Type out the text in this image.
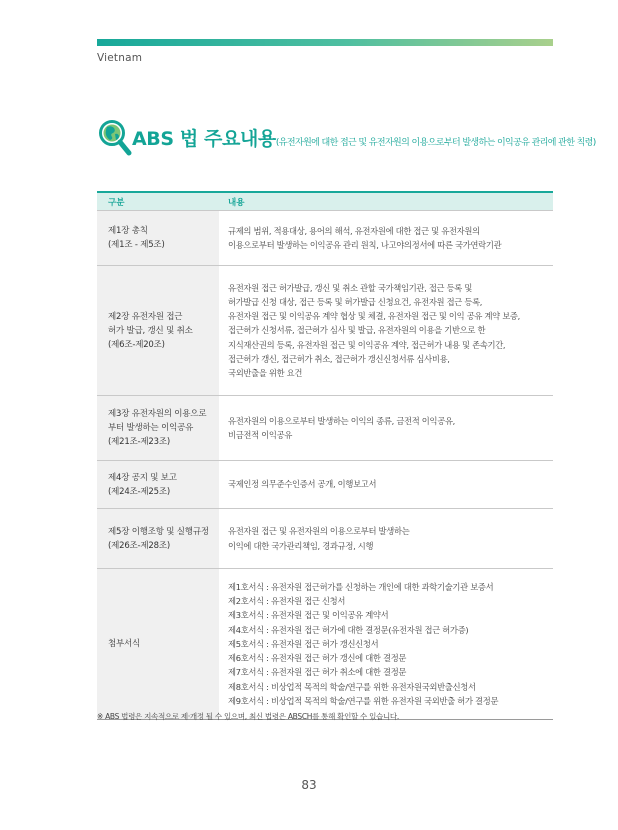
Vietnam
ABS 법 주요내용(유전자원에 대한 접근 및 유전자원의 이용으로부터 발생하는 이익공유 관리에 관한 칙령)
구분	내용
제1장 총칙
(제1조 - 제5조)
규제의 범위, 적용대상, 용어의 해석, 유전자원에 대한 접근 및 유전자원의
이용으로부터 발생하는 이익공유 관리 원칙, 나고야의정서에 따른 국가연락기관
제2장 유전자원 접근
허가 발급, 갱신 및 취소
(제6조-제20조)
유전자원 접근 허가발급, 갱신 및 취소 관할 국가책임기관, 접근 등록 및
허가발급 신청 대상, 접근 등록 및 허가발급 신청요건, 유전자원 접근 등록,
유전자원 접근 및 이익공유 계약 협상 및 체결, 유전자원 접근 및 이익 공유 계약 보증,
접근허가 신청서류, 접근허가 심사 및 발급, 유전자원의 이용을 기반으로 한
지식재산권의 등록, 유전자원 접근 및 이익공유 계약, 접근허가 내용 및 존속기간,
접근허가 갱신, 접근허가 취소, 접근허가 갱신신청서류 심사비용,
국외반출을 위한 요건
제3장 유전자원의 이용으로
부터 발생하는 이익공유
(제21조-제23조)
유전자원의 이용으로부터 발생하는 이익의 종류, 금전적 이익공유,
비금전적 이익공유
제4장 공지 및 보고
(제24조-제25조)
국제인정 의무준수인증서 공개, 이행보고서
제5장 이행조항 및 실행규정
(제26조-제28조)
유전자원 접근 및 유전자원의 이용으로부터 발생하는
이익에 대한 국가관리책임, 경과규정, 시행
첨부서식
제1호서식 : 유전자원 접근허가를 신청하는 개인에 대한 과학기술기관 보증서
제2호서식 : 유전자원 접근 신청서
제3호서식 : 유전자원 접근 및 이익공유 계약서
제4호서식 : 유전자원 접근 허가에 대한 결정문(유전자원 접근 허가증)
제5호서식 : 유전자원 접근 허가 갱신신청서
제6호서식 : 유전자원 접근 허가 갱신에 대한 결정문
제7호서식 : 유전자원 접근 허가 취소에 대한 결정문
제8호서식 : 비상업적 목적의 학술/연구를 위한 유전자원국외반출신청서
제9호서식 : 비상업적 목적의 학술/연구를 위한 유전자원 국외반출 허가 결정문
※ ABS 법령은 지속적으로 제·개정 될 수 있으며, 최신 법령은 ABSCH를 통해 확인할 수 있습니다.
83
